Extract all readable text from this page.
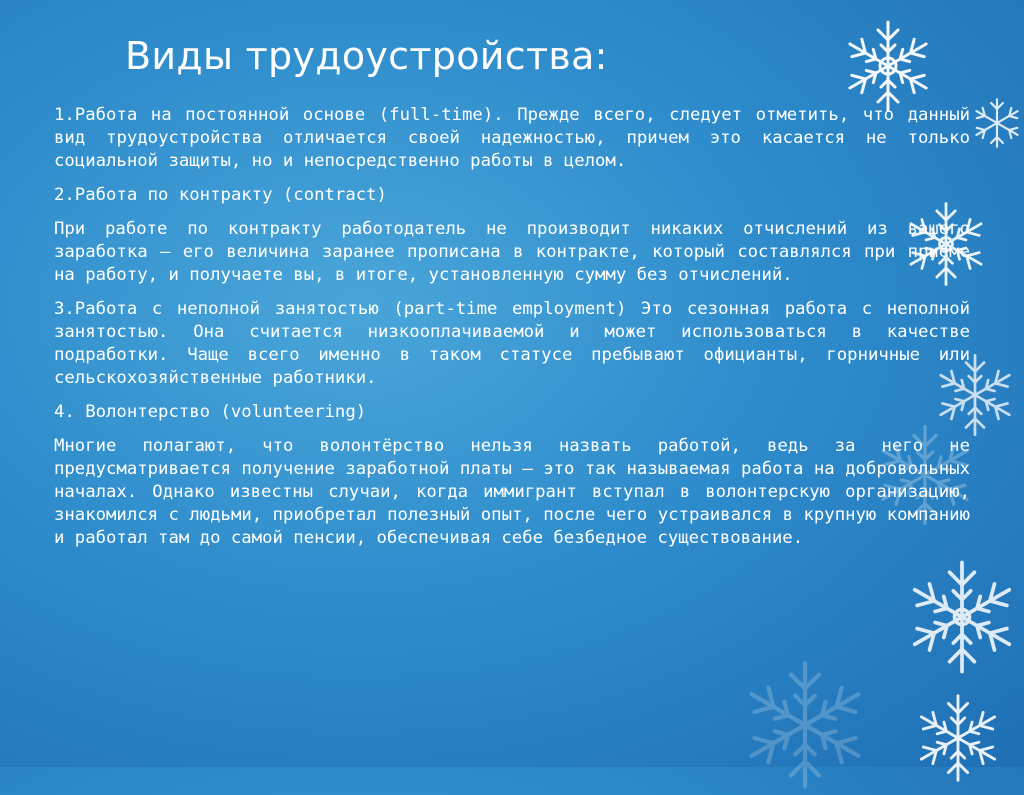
Виды трудоустройства:

1.Работа на постоянной основе (full-time). Прежде всего, следует отметить, что данный вид трудоустройства отличается своей надежностью, причем это касается не только социальной защиты, но и непосредственно работы в целом.

2.Работа по контракту (contract)

При работе по контракту работодатель не производит никаких отчислений из вашего заработка – его величина заранее прописана в контракте, который составлялся при приеме на работу, и получаете вы, в итоге, установленную сумму без отчислений.

3.Работа с неполной занятостью (part-time employment) Это сезонная работа с неполной занятостью. Она считается низкооплачиваемой и может использоваться в качестве подработки. Чаще всего именно в таком статусе пребывают официанты, горничные или сельскохозяйственные работники.

4. Волонтерство (volunteering)

Многие полагают, что волонтёрство нельзя назвать работой, ведь за него не предусматривается получение заработной платы – это так называемая работа на добровольных началах. Однако известны случаи, когда иммигрант вступал в волонтерскую организацию, знакомился с людьми, приобретал полезный опыт, после чего устраивался в крупную компанию и работал там до самой пенсии, обеспечивая себе безбедное существование.
